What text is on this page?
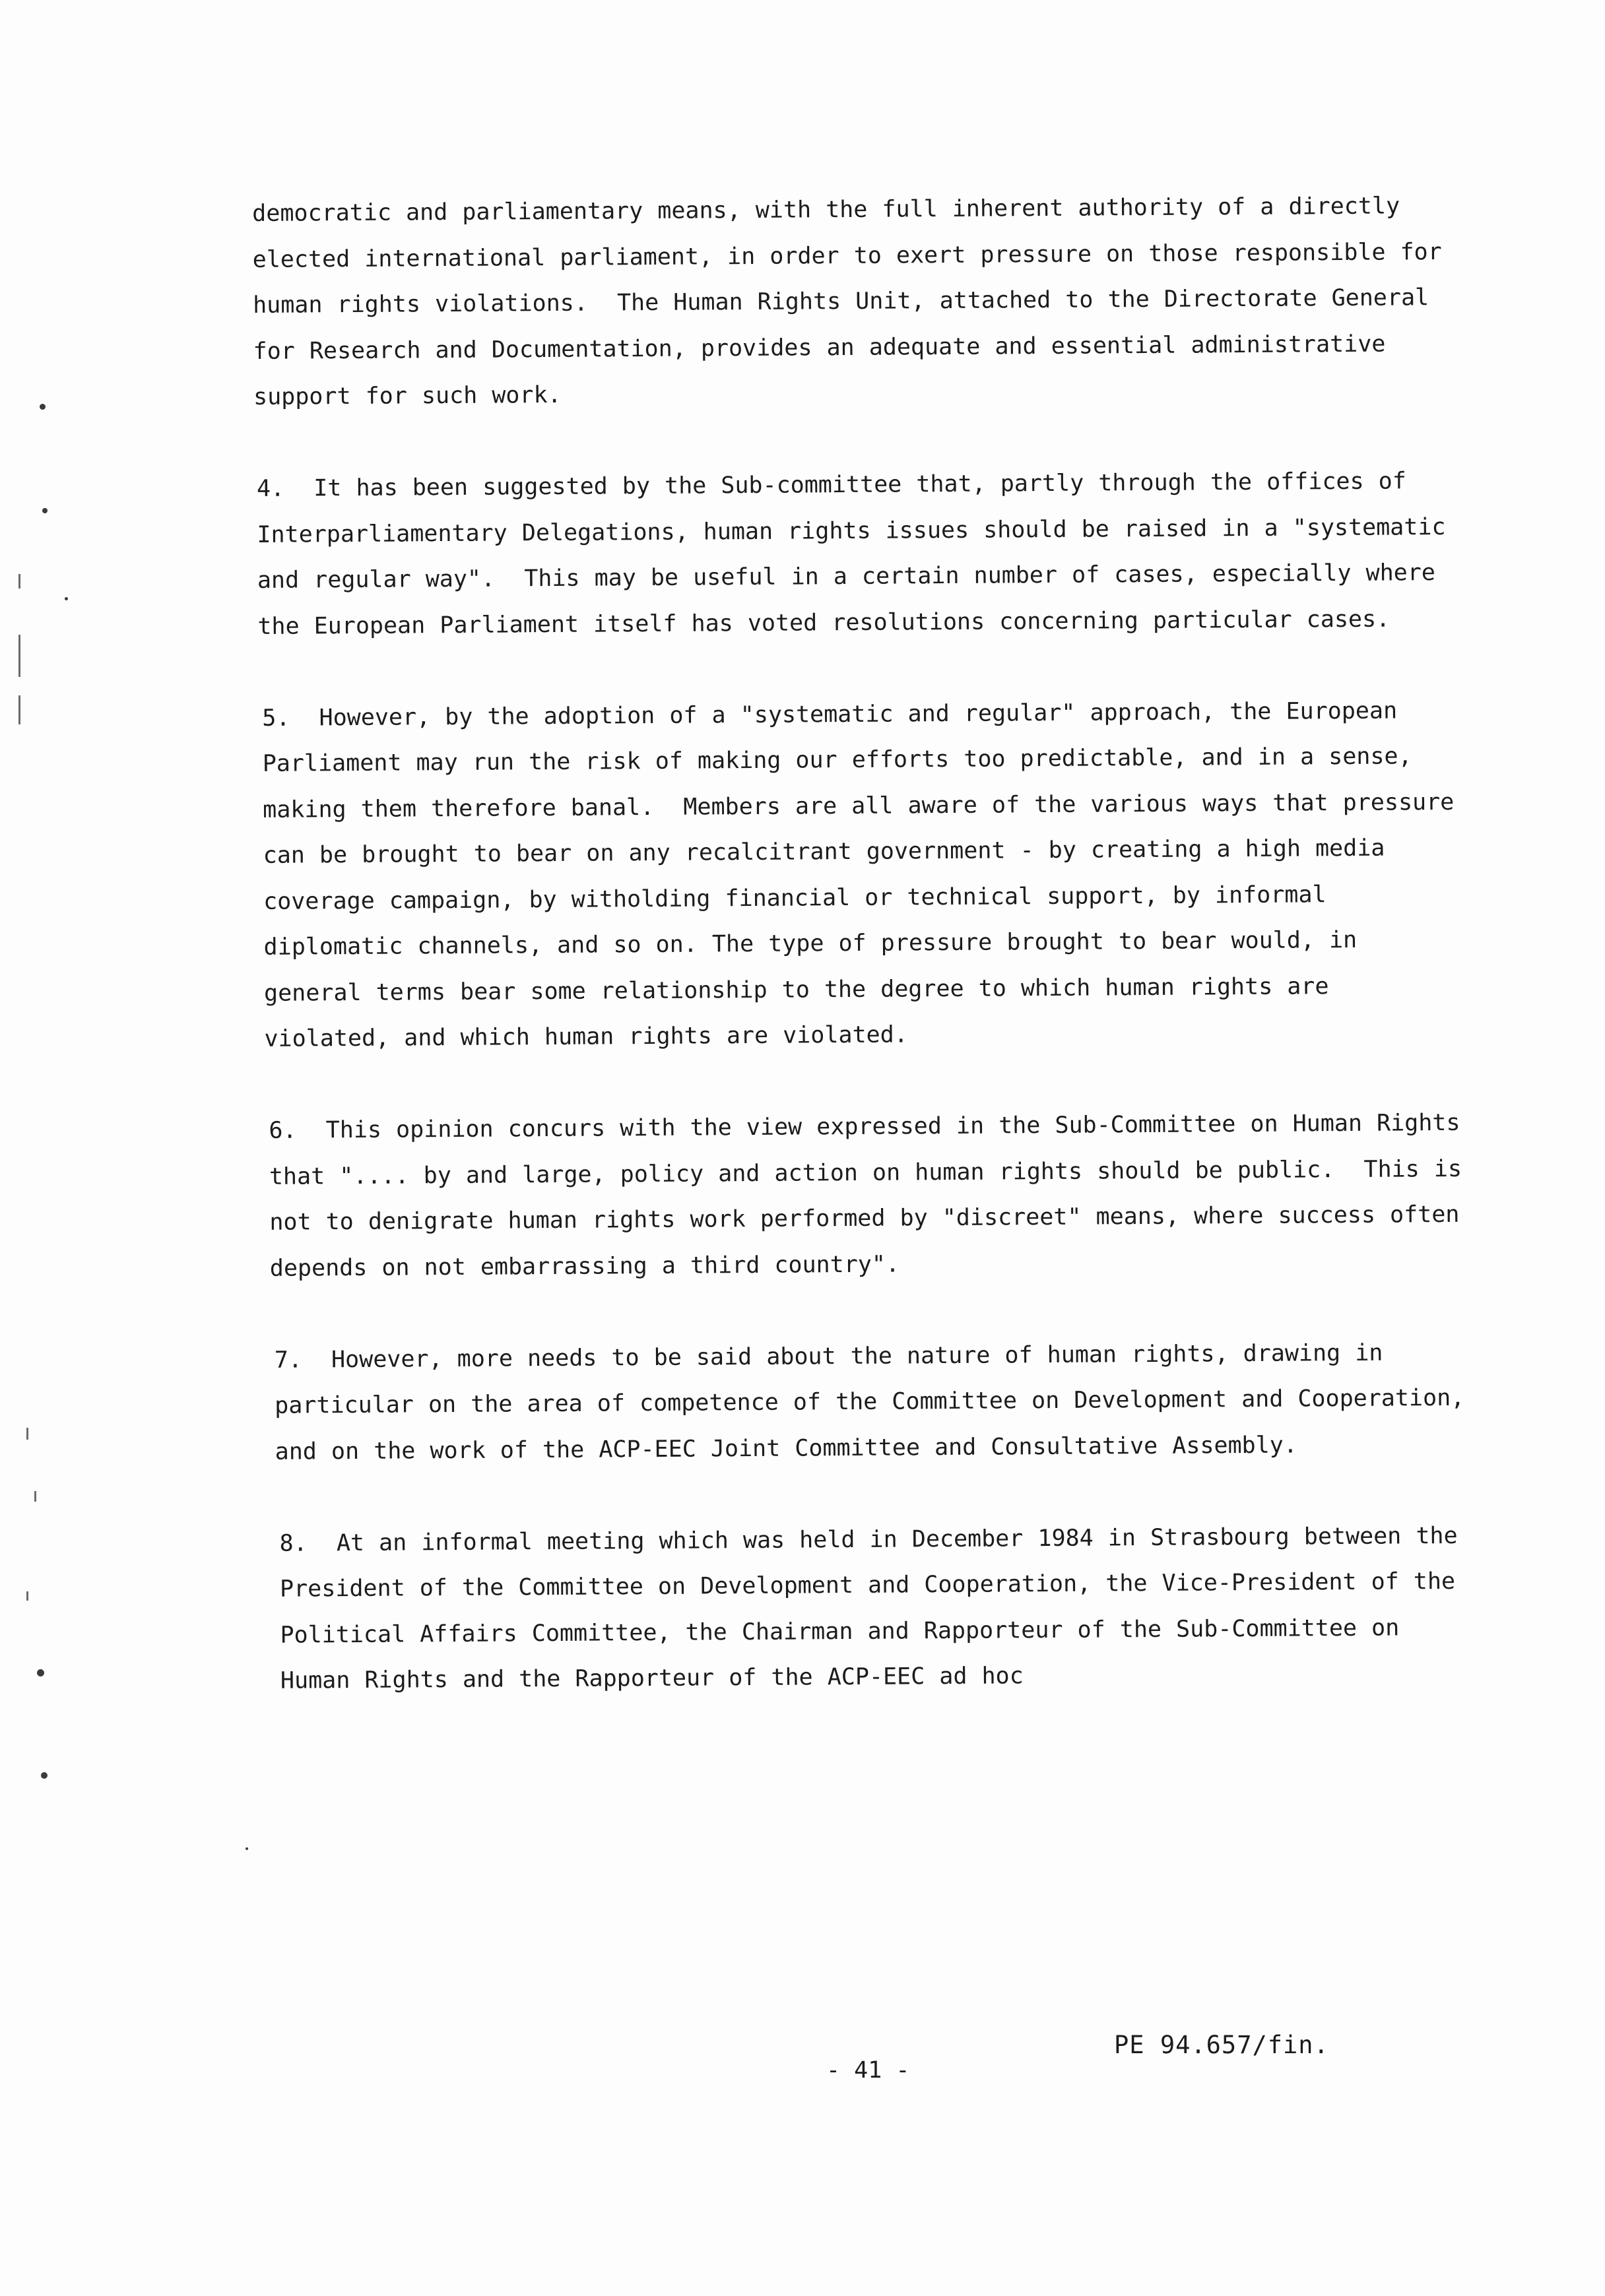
democratic and parliamentary means, with the full inherent authority of a directly elected international parliament, in order to exert pressure on those responsible for human rights violations.  The Human Rights Unit, attached to the Directorate General for Research and Documentation, provides an adequate and essential administrative support for such work.

4.  It has been suggested by the Sub-committee that, partly through the offices of Interparliamentary Delegations, human rights issues should be raised in a "systematic and regular way".  This may be useful in a certain number of cases, especially where the European Parliament itself has voted resolutions concerning particular cases.

5.  However, by the adoption of a "systematic and regular" approach, the European Parliament may run the risk of making our efforts too predictable, and in a sense, making them therefore banal.  Members are all aware of the various ways that pressure can be brought to bear on any recalcitrant government - by creating a high media coverage campaign, by witholding financial or technical support, by informal diplomatic channels, and so on. The type of pressure brought to bear would, in general terms bear some relationship to the degree to which human rights are violated, and which human rights are violated.

6.  This opinion concurs with the view expressed in the Sub-Committee on Human Rights that ".... by and large, policy and action on human rights should be public.  This is not to denigrate human rights work performed by "discreet" means, where success often depends on not embarrassing a third country".

7.  However, more needs to be said about the nature of human rights, drawing in particular on the area of competence of the Committee on Development and Cooperation, and on the work of the ACP-EEC Joint Committee and Consultative Assembly.

8.  At an informal meeting which was held in December 1984 in Strasbourg between the President of the Committee on Development and Cooperation, the Vice-President of the Political Affairs Committee, the Chairman and Rapporteur of the Sub-Committee on Human Rights and the Rapporteur of the ACP-EEC ad hoc

- 41 -
PE 94.657/fin.
